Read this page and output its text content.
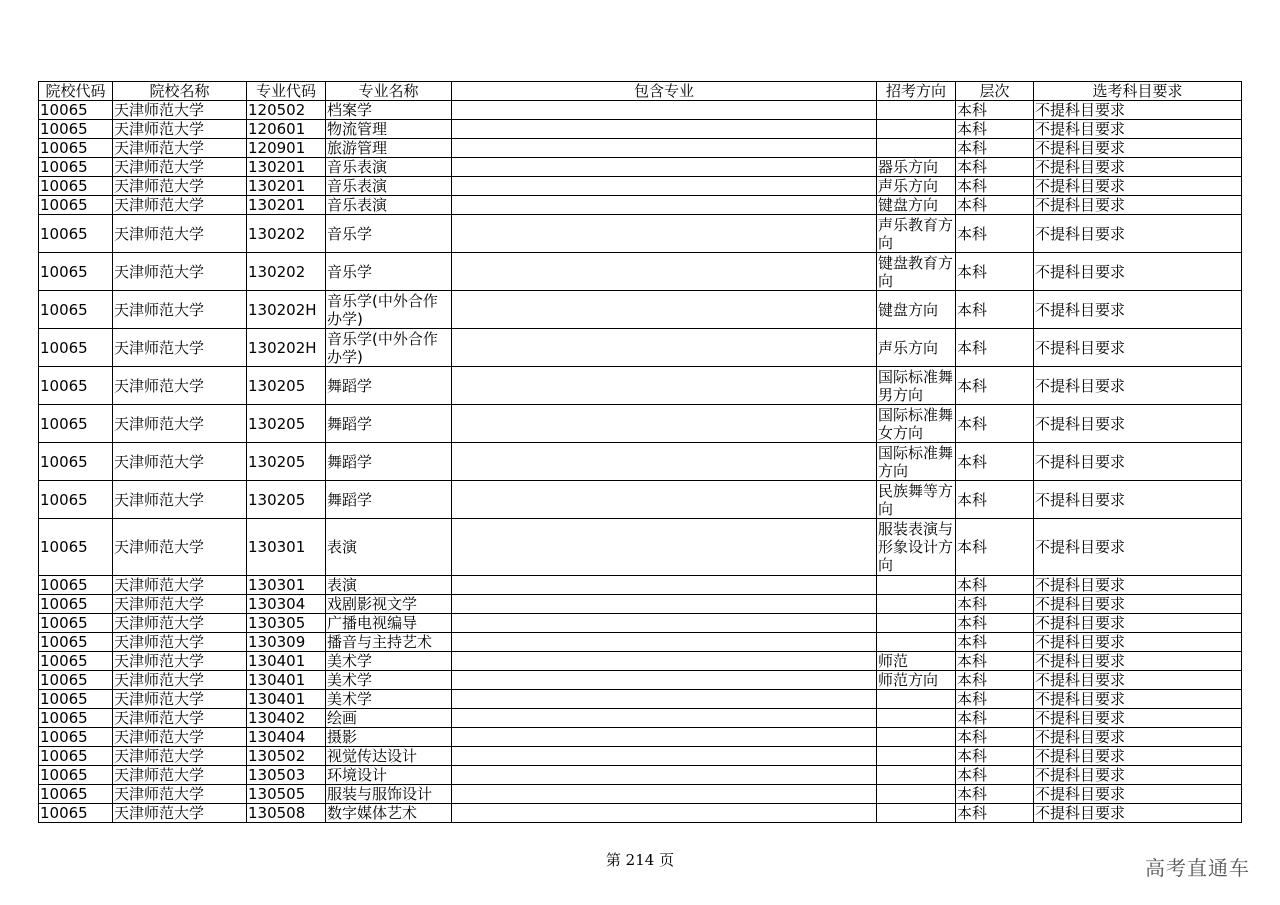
院校代码	院校名称	专业代码	专业名称	包含专业	招考方向	层次	选考科目要求
10065	天津师范大学	120502	档案学			本科	不提科目要求
10065	天津师范大学	120601	物流管理			本科	不提科目要求
10065	天津师范大学	120901	旅游管理			本科	不提科目要求
10065	天津师范大学	130201	音乐表演		器乐方向	本科	不提科目要求
10065	天津师范大学	130201	音乐表演		声乐方向	本科	不提科目要求
10065	天津师范大学	130201	音乐表演		键盘方向	本科	不提科目要求
10065	天津师范大学	130202	音乐学		声乐教育方向	本科	不提科目要求
10065	天津师范大学	130202	音乐学		键盘教育方向	本科	不提科目要求
10065	天津师范大学	130202H	音乐学(中外合作办学)		键盘方向	本科	不提科目要求
10065	天津师范大学	130202H	音乐学(中外合作办学)		声乐方向	本科	不提科目要求
10065	天津师范大学	130205	舞蹈学		国际标准舞男方向	本科	不提科目要求
10065	天津师范大学	130205	舞蹈学		国际标准舞女方向	本科	不提科目要求
10065	天津师范大学	130205	舞蹈学		国际标准舞方向	本科	不提科目要求
10065	天津师范大学	130205	舞蹈学		民族舞等方向	本科	不提科目要求
10065	天津师范大学	130301	表演		服装表演与形象设计方向	本科	不提科目要求
10065	天津师范大学	130301	表演			本科	不提科目要求
10065	天津师范大学	130304	戏剧影视文学			本科	不提科目要求
10065	天津师范大学	130305	广播电视编导			本科	不提科目要求
10065	天津师范大学	130309	播音与主持艺术			本科	不提科目要求
10065	天津师范大学	130401	美术学		师范	本科	不提科目要求
10065	天津师范大学	130401	美术学		师范方向	本科	不提科目要求
10065	天津师范大学	130401	美术学			本科	不提科目要求
10065	天津师范大学	130402	绘画			本科	不提科目要求
10065	天津师范大学	130404	摄影			本科	不提科目要求
10065	天津师范大学	130502	视觉传达设计			本科	不提科目要求
10065	天津师范大学	130503	环境设计			本科	不提科目要求
10065	天津师范大学	130505	服装与服饰设计			本科	不提科目要求
10065	天津师范大学	130508	数字媒体艺术			本科	不提科目要求
第 214 页	高考直通车
